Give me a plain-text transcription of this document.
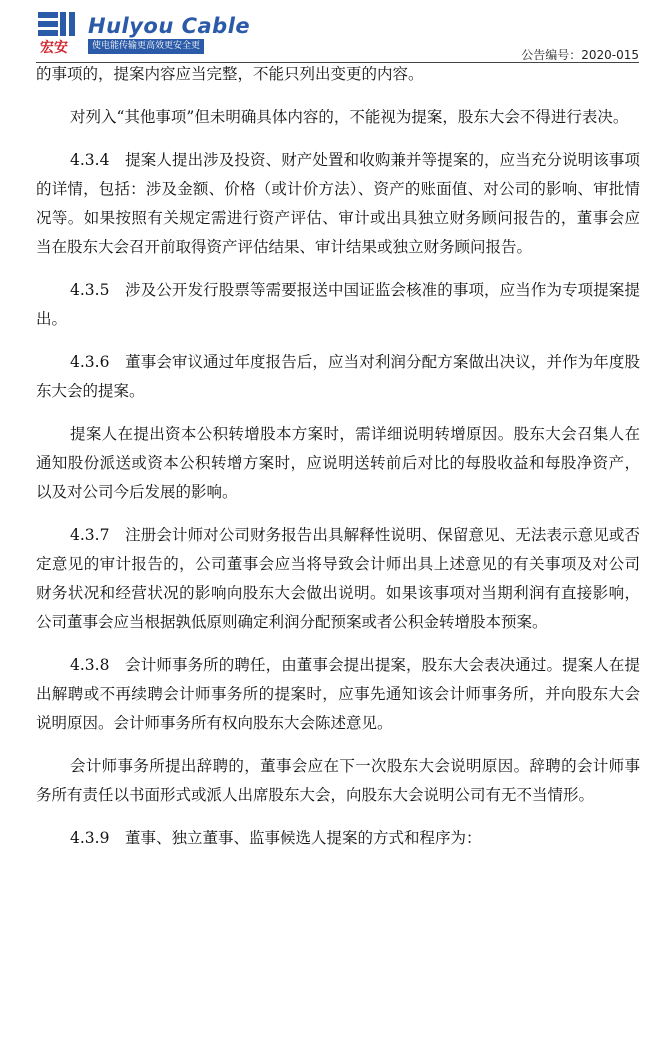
宏安
Hulyou Cable
使电能传输更高效更安全更绿色	公告编号：2020-015

的事项的，提案内容应当完整，不能只列出变更的内容。

对列入“其他事项”但未明确具体内容的，不能视为提案，股东大会不得进行表决。

4.3.4　提案人提出涉及投资、财产处置和收购兼并等提案的，应当充分说明该事项的详情，包括：涉及金额、价格（或计价方法）、资产的账面值、对公司的影响、审批情况等。如果按照有关规定需进行资产评估、审计或出具独立财务顾问报告的，董事会应当在股东大会召开前取得资产评估结果、审计结果或独立财务顾问报告。

4.3.5　涉及公开发行股票等需要报送中国证监会核准的事项，应当作为专项提案提出。

4.3.6　董事会审议通过年度报告后，应当对利润分配方案做出决议，并作为年度股东大会的提案。

提案人在提出资本公积转增股本方案时，需详细说明转增原因。股东大会召集人在通知股份派送或资本公积转增方案时，应说明送转前后对比的每股收益和每股净资产，以及对公司今后发展的影响。

4.3.7　注册会计师对公司财务报告出具解释性说明、保留意见、无法表示意见或否定意见的审计报告的，公司董事会应当将导致会计师出具上述意见的有关事项及对公司财务状况和经营状况的影响向股东大会做出说明。如果该事项对当期利润有直接影响，公司董事会应当根据孰低原则确定利润分配预案或者公积金转增股本预案。

4.3.8　会计师事务所的聘任，由董事会提出提案，股东大会表决通过。提案人在提出解聘或不再续聘会计师事务所的提案时，应事先通知该会计师事务所，并向股东大会说明原因。会计师事务所有权向股东大会陈述意见。

会计师事务所提出辞聘的，董事会应在下一次股东大会说明原因。辞聘的会计师事务所有责任以书面形式或派人出席股东大会，向股东大会说明公司有无不当情形。

4.3.9　董事、独立董事、监事候选人提案的方式和程序为：
